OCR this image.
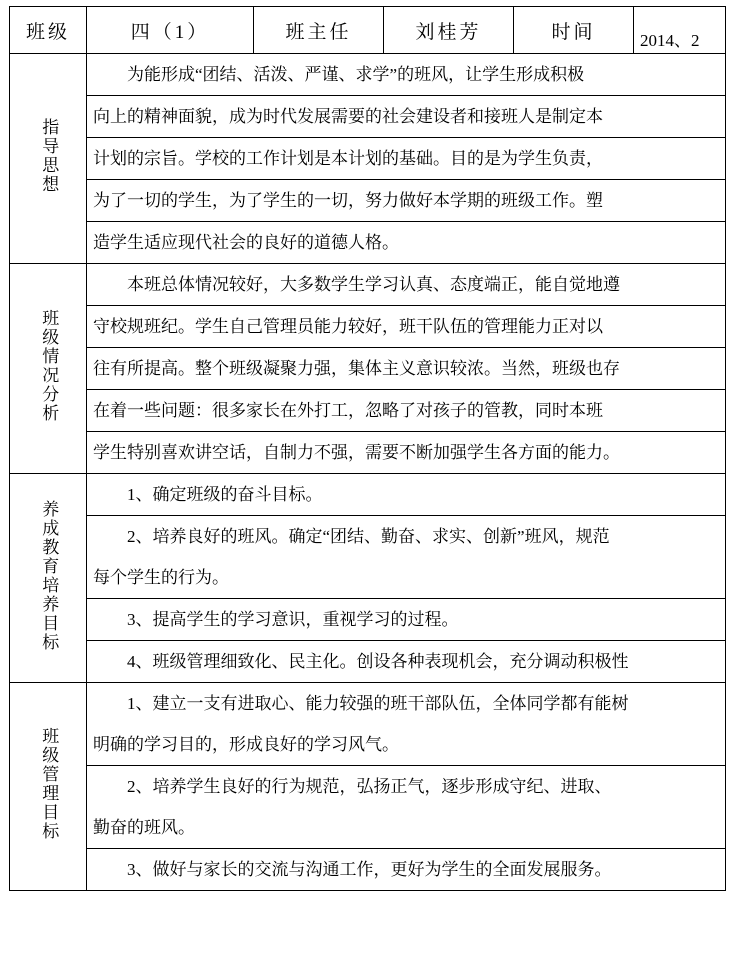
班级	四（1）	班主任	刘桂芳	时间	2014、2
指导思想	为能形成“团结、活泼、严谨、求学”的班风，让学生形成积极

向上的精神面貌，成为时代发展需要的社会建设者和接班人是制定本

计划的宗旨。学校的工作计划是本计划的基础。目的是为学生负责，

为了一切的学生，为了学生的一切，努力做好本学期的班级工作。塑

造学生适应现代社会的良好的道德人格。				

班级情况分析	本班总体情况较好，大多数学生学习认真、态度端正，能自觉地遵

守校规班纪。学生自己管理员能力较好，班干队伍的管理能力正对以

往有所提高。整个班级凝聚力强，集体主义意识较浓。当然，班级也存

在着一些问题：很多家长在外打工，忽略了对孩子的管教，同时本班

学生特别喜欢讲空话，自制力不强，需要不断加强学生各方面的能力。				

养成教育培养目标	1、确定班级的奋斗目标。
2、培养良好的班风。确定“团结、勤奋、求实、创新”班风，规范
每个学生的行为。
3、提高学生的学习意识，重视学习的过程。
4、班级管理细致化、民主化。创设各种表现机会，充分调动积极性				

班级管理目标	1、建立一支有进取心、能力较强的班干部队伍，全体同学都有能树
明确的学习目的，形成良好的学习风气。
2、培养学生良好的行为规范，弘扬正气，逐步形成守纪、进取、
勤奋的班风。
3、做好与家长的交流与沟通工作，更好为学生的全面发展服务。				
